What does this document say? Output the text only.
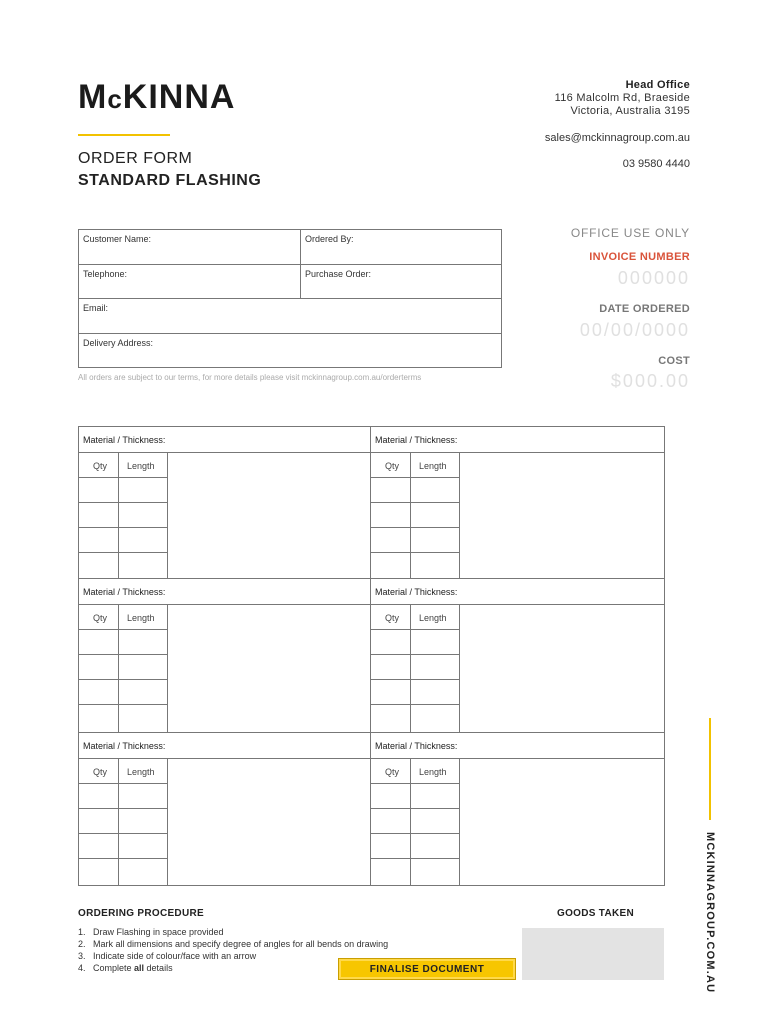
McKINNA
ORDER FORM
STANDARD FLASHING
Head Office
116 Malcolm Rd, Braeside
Victoria, Australia 3195
sales@mckinnagroup.com.au
03 9580 4440
Customer Name:	Ordered By:
Telephone:	Purchase Order:
Email:
Delivery Address:
All orders are subject to our terms, for more details please visit mckinnagroup.com.au/orderterms
OFFICE USE ONLY
INVOICE NUMBER
000000
DATE ORDERED
00/00/0000
COST
$000.00
Material / Thickness:
Qty Length
Material / Thickness:
Qty Length
Material / Thickness:
Qty Length
Material / Thickness:
Qty Length
Material / Thickness:
Qty Length
Material / Thickness:
Qty Length
MCKINNAGROUP.COM.AU
ORDERING PROCEDURE
1. Draw Flashing in space provided
2. Mark all dimensions and specify degree of angles for all bends on drawing
3. Indicate side of colour/face with an arrow
4. Complete all details	FINALISE DOCUMENT
GOODS TAKEN
